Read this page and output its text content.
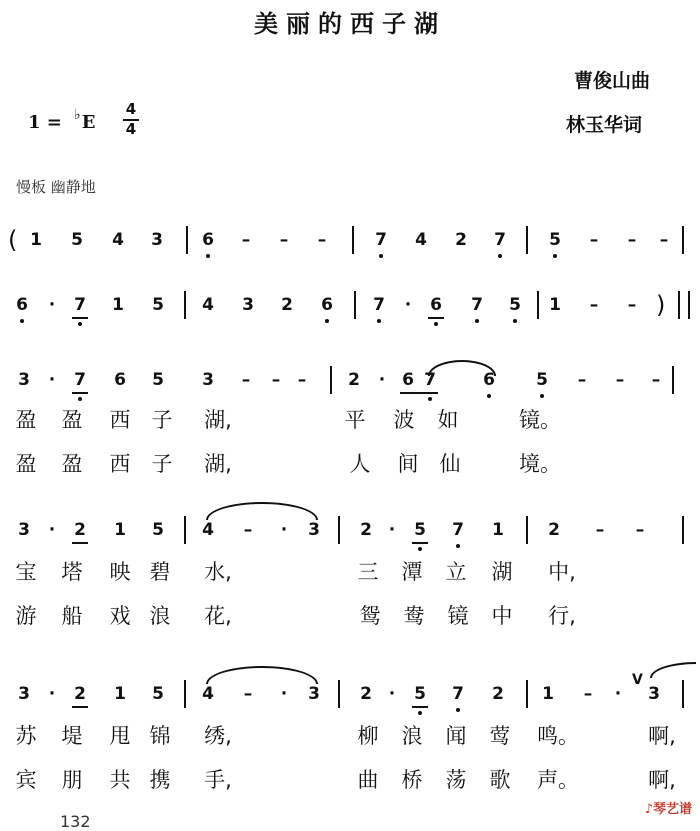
美丽的西子湖
曹俊山曲
林玉华词
1 = ♭E
4
4
慢板 幽静地
( 1 5 4 3 6 – – –	7 4 2 7	5 – – –
6 · 7 1 5 4 3 2 6 7 · 6 7 5 1 – – )
3 · 7 6 5 3 – – – 2 · 6 7	6 5 – – –
盈 盈 西 子 湖,	平 波 如	镜。
盈 盈 西 子 湖,	人 间 仙	境。
3 · 2 1 5 4 – · 3 2 · 5 7 1	2 – –
宝 塔 映 碧 水,	三 潭 立 湖 中,
游 船 戏 浪 花,	鸳 鸯 镜 中 行,
3 · 2 1 5 4 – · 3 2 · 5 7 2 1 – ·
V
3
苏 堤 甩 锦 绣,	柳 浪 闻 莺 鸣。	啊,
宾 朋 共 携 手,	曲 桥 荡 歌 声。	啊,
132
♪琴艺谱
